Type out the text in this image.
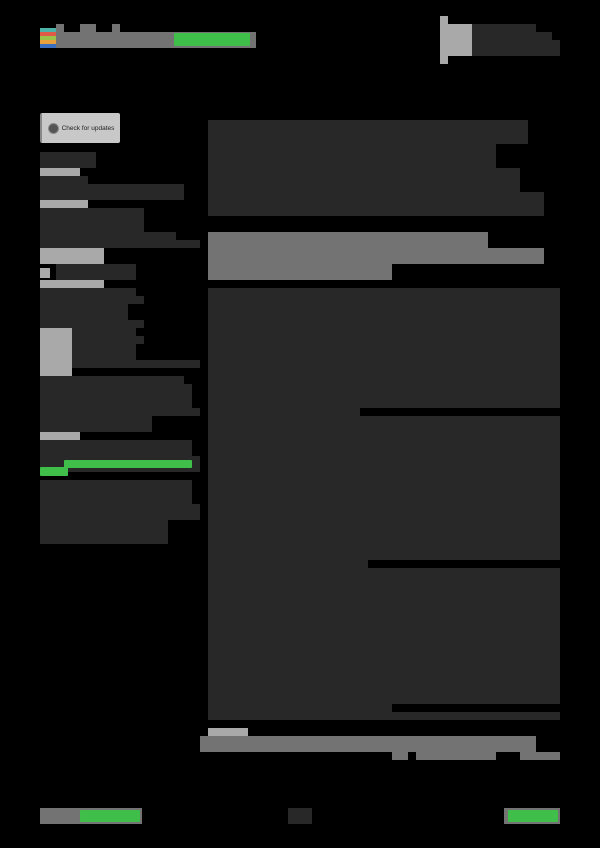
Check for updates
